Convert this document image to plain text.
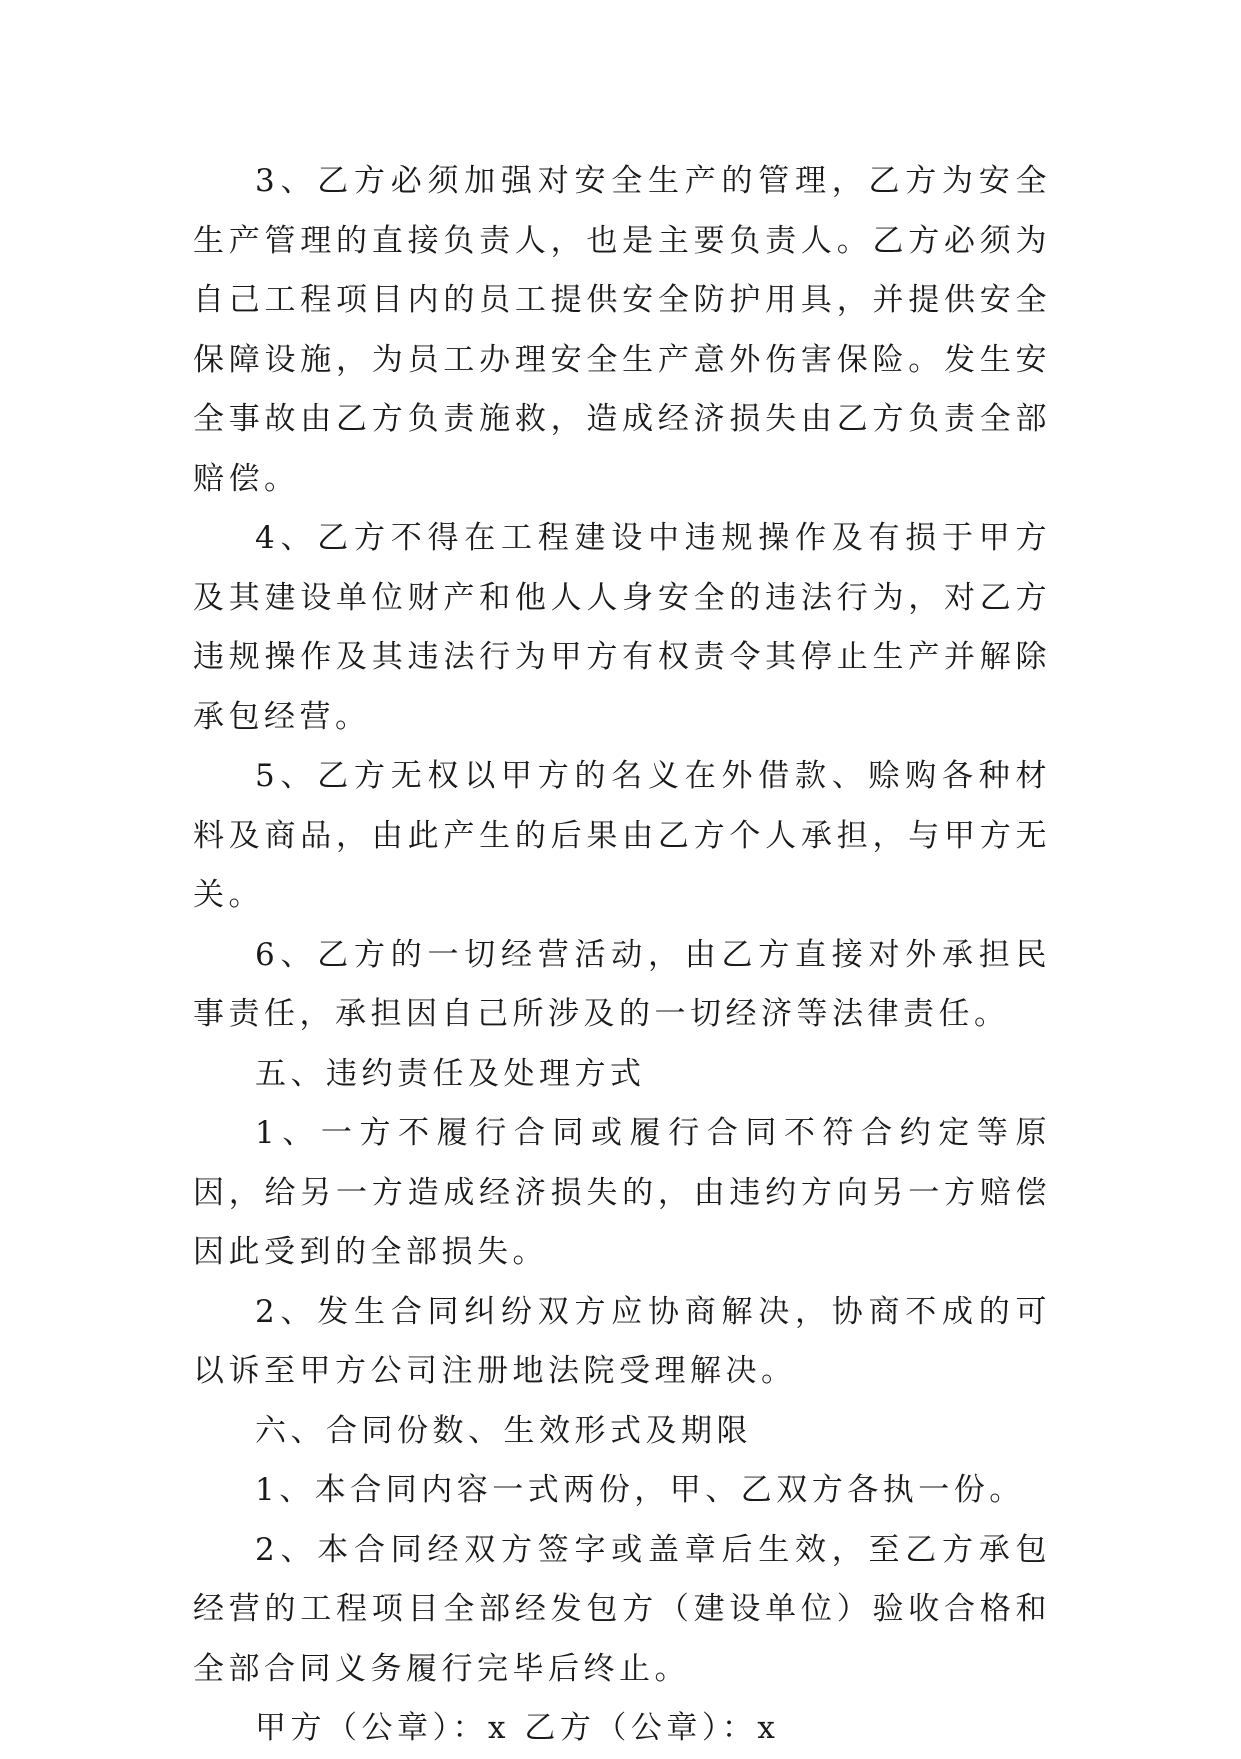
3、乙方必须加强对安全生产的管理，乙方为安全生产管理的直接负责人，也是主要负责人。乙方必须为自己工程项目内的员工提供安全防护用具，并提供安全保障设施，为员工办理安全生产意外伤害保险。发生安全事故由乙方负责施救，造成经济损失由乙方负责全部赔偿。

4、乙方不得在工程建设中违规操作及有损于甲方及其建设单位财产和他人人身安全的违法行为，对乙方违规操作及其违法行为甲方有权责令其停止生产并解除承包经营。

5、乙方无权以甲方的名义在外借款、赊购各种材料及商品，由此产生的后果由乙方个人承担，与甲方无关。

6、乙方的一切经营活动，由乙方直接对外承担民事责任，承担因自己所涉及的一切经济等法律责任。

五、违约责任及处理方式

1、一方不履行合同或履行合同不符合约定等原因，给另一方造成经济损失的，由违约方向另一方赔偿因此受到的全部损失。

2、发生合同纠纷双方应协商解决，协商不成的可以诉至甲方公司注册地法院受理解决。

六、合同份数、生效形式及期限

1、本合同内容一式两份，甲、乙双方各执一份。

2、本合同经双方签字或盖章后生效，至乙方承包经营的工程项目全部经发包方（建设单位）验收合格和全部合同义务履行完毕后终止。

甲方（公章）：x 乙方（公章）：x
